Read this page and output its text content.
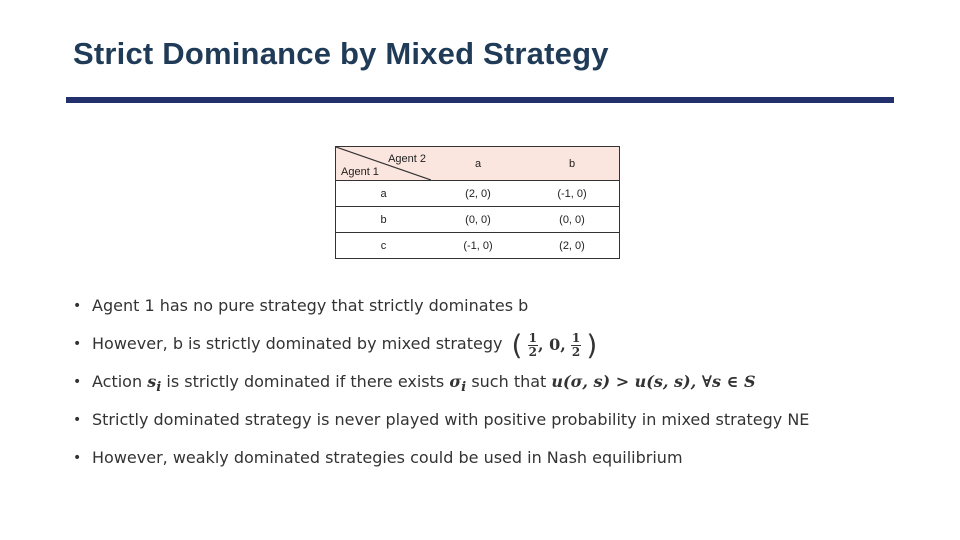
Strict Dominance by Mixed Strategy
Agent 2
Agent 1	a	b
a	(2, 0)	(-1, 0)
b	(0, 0)	(0, 0)
c	(-1, 0)	(2, 0)
• Agent 1 has no pure strategy that strictly dominates b
• However, b is strictly dominated by mixed strategy ( $\frac{1}{2}$ , 0, $\frac{1}{2}$ )
• Action $s_i$ is strictly dominated if there exists $\sigma_i$ such that u(σ, s) > u(s, s), ∀s ∈ S
• Strictly dominated strategy is never played with positive probability in mixed strategy NE
• However, weakly dominated strategies could be used in Nash equilibrium
